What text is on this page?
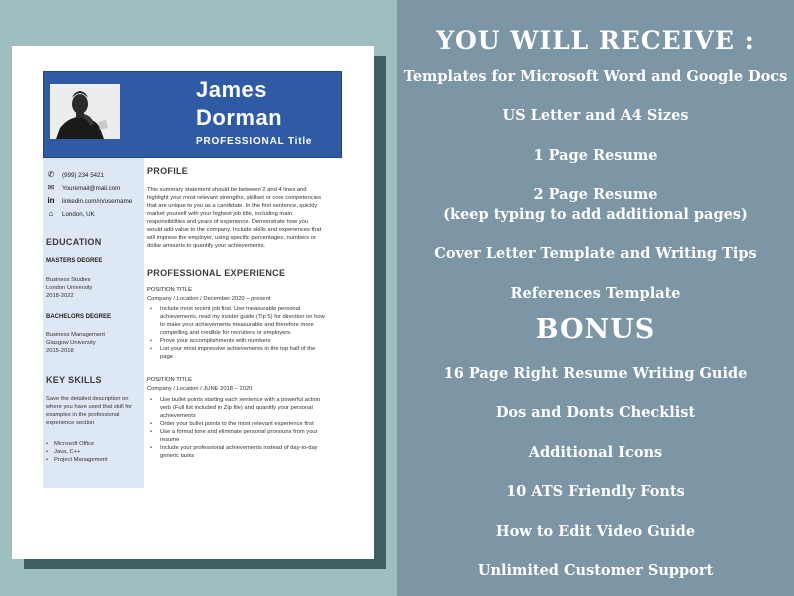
James
Dorman
PROFESSIONAL Title
✆ (999) 234 5421
✉ Youremail@mail.com
in linkedin.com/in/username
⌂ London, UK
EDUCATION
MASTERS DEGREE
Business Studies
London University
2018-2022
BACHELORS DEGREE
Business Management
Glasgow University
2015-2018
KEY SKILLS
Save the detailed description on
where you have used that skill for
examples in the professional
experience section
• Microsoft Office
• Java, C++
• Project Management
PROFILE
This summary statement should be between 2 and 4 lines and
highlight your most relevant strengths, skillset or core competencies
that are unique to you as a candidate. In the first sentence, quickly
market yourself with your highest job title, including main
responsibilities and years of experience. Demonstrate how you
would add value to the company. Include skills and experiences that
will impress the employer, using specific percentages, numbers or
dollar amounts to quantify your achievements.
PROFESSIONAL EXPERIENCE
POSITION TITLE
Company / Location / December 2020 – present
• Include most recent job first. Use measurable personal
achievements, read my insider guide (Tip 5) for direction on how
to make your achievements measurable and therefore more
compelling and credible for recruiters or employers.
• Prove your accomplishments with numbers
• List your most impressive achievements in the top half of the
page
POSITION TITLE
Company / Location / JUNE 2018 – 2020
• Use bullet points starting each sentence with a powerful action
verb (Full list included in Zip file) and quantify your personal
achievements
• Order your bullet points to the most relevant experience first
• Use a formal tone and eliminate personal pronouns from your
resume
• Include your professional achievements instead of day-to-day
generic tasks
YOU WILL RECEIVE :
Templates for Microsoft Word and Google Docs
US Letter and A4 Sizes
1 Page Resume
2 Page Resume
(keep typing to add additional pages)
Cover Letter Template and Writing Tips
References Template
BONUS
16 Page Right Resume Writing Guide
Dos and Donts Checklist
Additional Icons
10 ATS Friendly Fonts
How to Edit Video Guide
Unlimited Customer Support
